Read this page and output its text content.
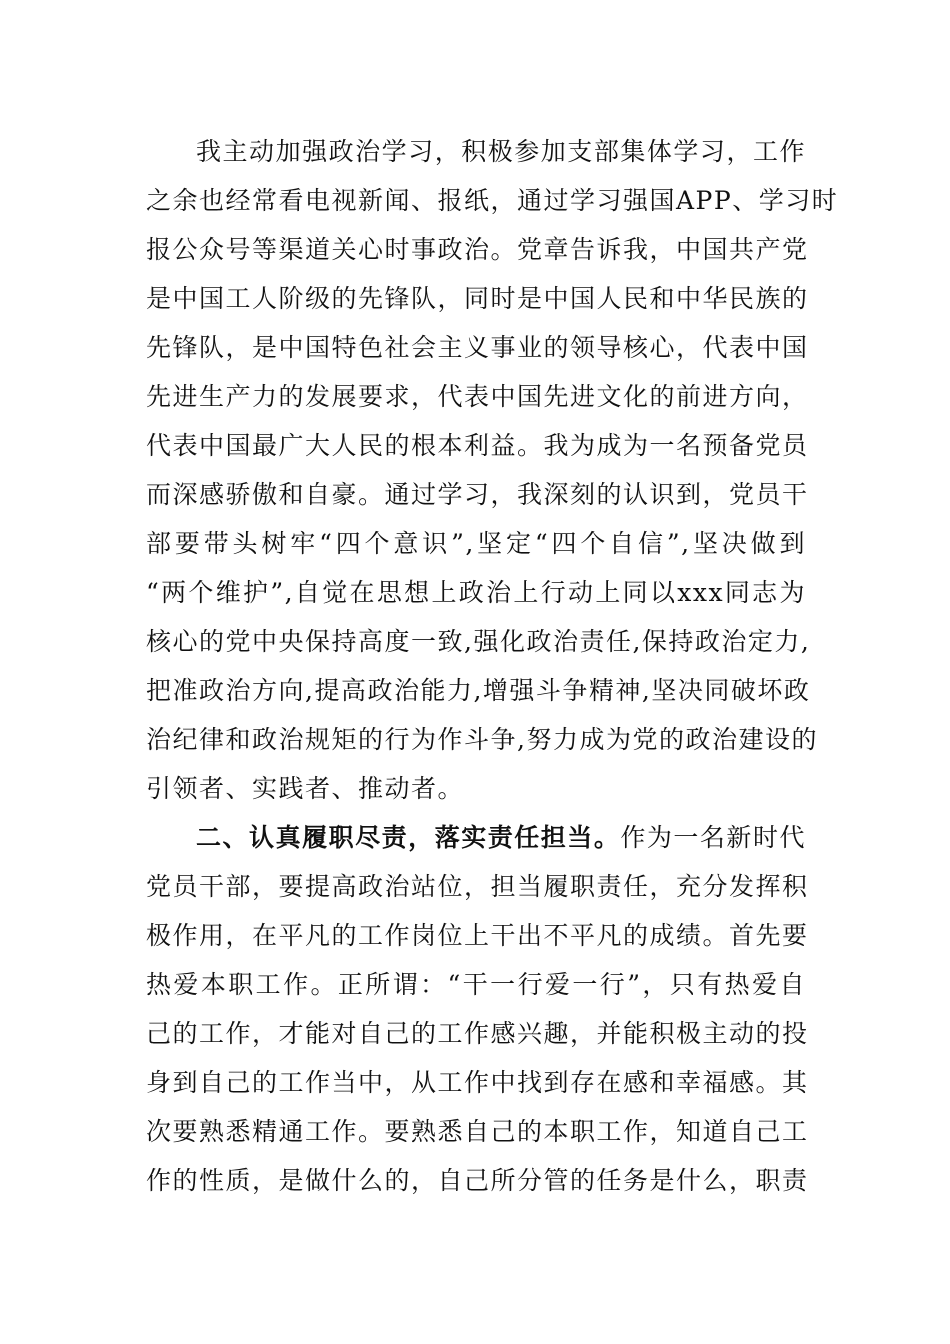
我主动加强政治学习，积极参加支部集体学习，工作
之余也经常看电视新闻、报纸，通过学习强国APP、学习时
报公众号等渠道关心时事政治。党章告诉我，中国共产党
是中国工人阶级的先锋队，同时是中国人民和中华民族的
先锋队，是中国特色社会主义事业的领导核心，代表中国
先进生产力的发展要求，代表中国先进文化的前进方向，
代表中国最广大人民的根本利益。我为成为一名预备党员
而深感骄傲和自豪。通过学习，我深刻的认识到，党员干
部要带头树牢“四个意识”,坚定“四个自信”,坚决做到
“两个维护”,自觉在思想上政治上行动上同以xxx同志为
核心的党中央保持高度一致,强化政治责任,保持政治定力,
把准政治方向,提高政治能力,增强斗争精神,坚决同破坏政
治纪律和政治规矩的行为作斗争,努力成为党的政治建设的
引领者、实践者、推动者。
二、认真履职尽责，落实责任担当。作为一名新时代
党员干部，要提高政治站位，担当履职责任，充分发挥积
极作用，在平凡的工作岗位上干出不平凡的成绩。首先要
热爱本职工作。正所谓：“干一行爱一行”，只有热爱自
己的工作，才能对自己的工作感兴趣，并能积极主动的投
身到自己的工作当中，从工作中找到存在感和幸福感。其
次要熟悉精通工作。要熟悉自己的本职工作，知道自己工
作的性质，是做什么的，自己所分管的任务是什么，职责
